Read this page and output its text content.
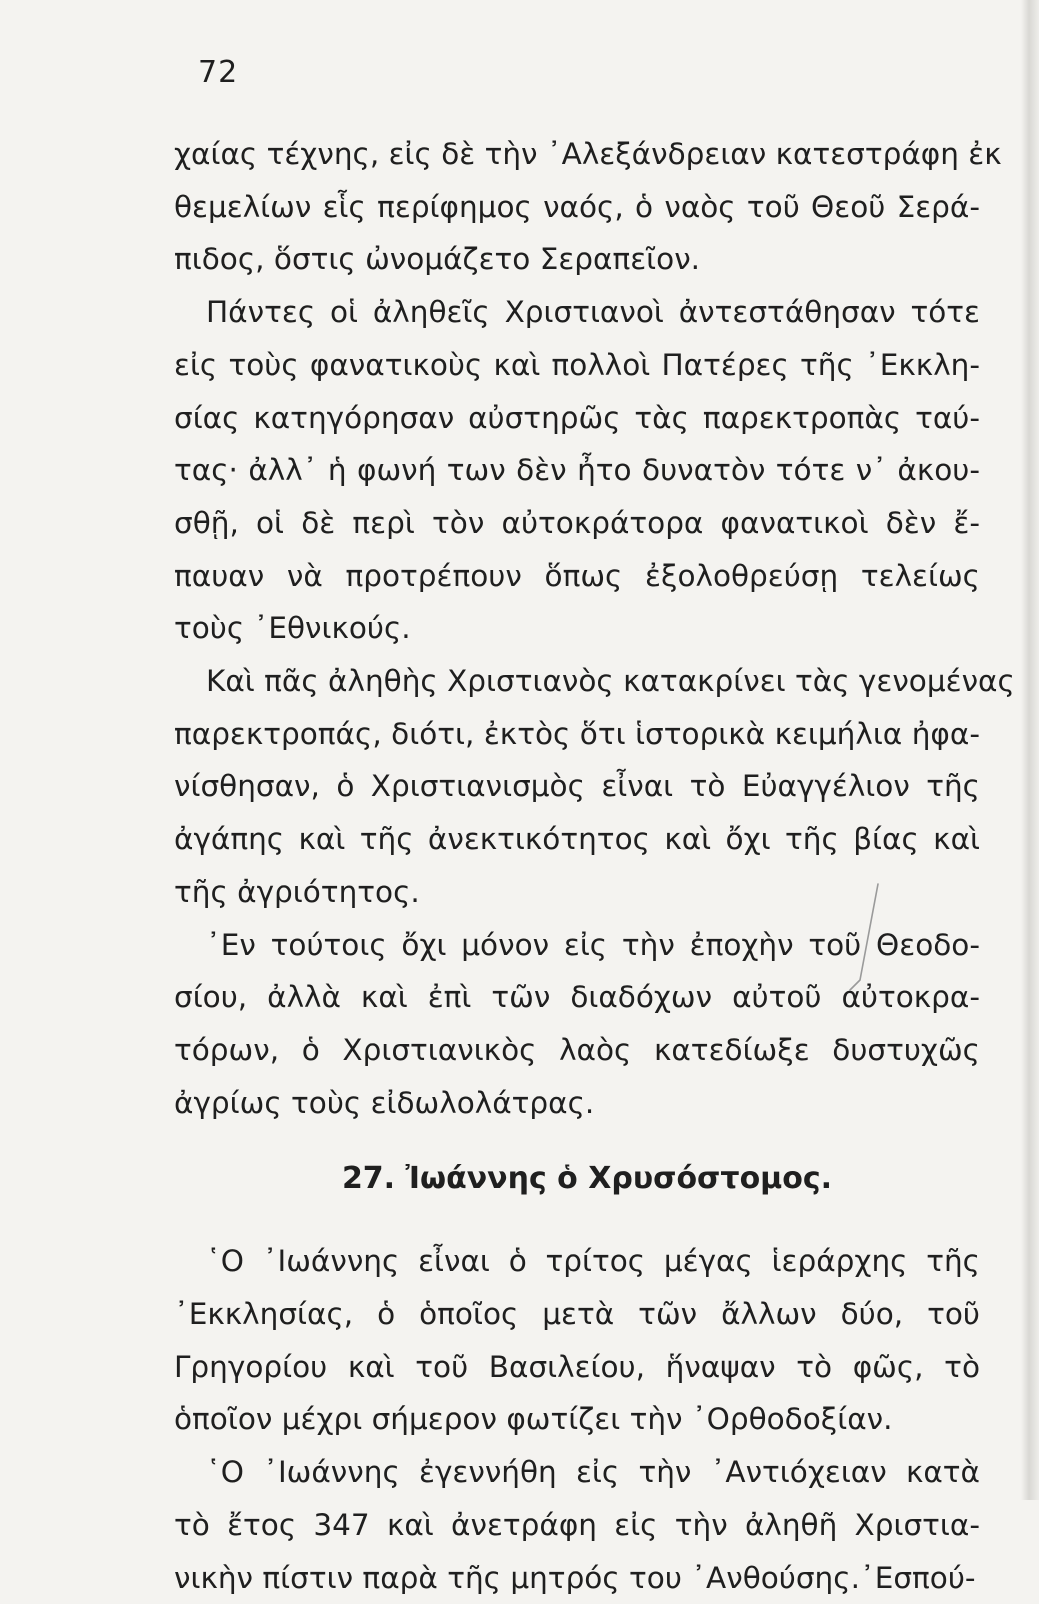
72

χαίας τέχνης, εἰς δὲ τὴν ᾿Αλεξάνδρειαν κατεστράφη ἐκ
θεμελίων εἷς περίφημος ναός, ὁ ναὸς τοῦ Θεοῦ Σερά-
πιδος, ὅστις ὠνομάζετο Σεραπεῖον.

Πάντες οἱ ἀληθεῖς Χριστιανοὶ ἀντεστάθησαν τότε
εἰς τοὺς φανατικοὺς καὶ πολλοὶ Πατέρες τῆς ᾿Εκκλη-
σίας κατηγόρησαν αὐστηρῶς τὰς παρεκτροπὰς ταύ-
τας· ἀλλ᾿ ἡ φωνή των δὲν ἦτο δυνατὸν τότε ν᾿ ἀκου-
σθῇ, οἱ δὲ περὶ τὸν αὐτοκράτορα φανατικοὶ δὲν ἔ-
παυαν νὰ προτρέπουν ὅπως ἐξολοθρεύσῃ τελείως
τοὺς ᾿Εθνικούς.

Καὶ πᾶς ἀληθὴς Χριστιανὸς κατακρίνει τὰς γενομένας
παρεκτροπάς, διότι, ἐκτὸς ὅτι ἱστορικὰ κειμήλια ἠφα-
νίσθησαν, ὁ Χριστιανισμὸς εἶναι τὸ Εὐαγγέλιον τῆς
ἀγάπης καὶ τῆς ἀνεκτικότητος καὶ ὄχι τῆς βίας καὶ
τῆς ἀγριότητος.

᾿Εν τούτοις ὄχι μόνον εἰς τὴν ἐποχὴν τοῦ Θεοδο-
σίου, ἀλλὰ καὶ ἐπὶ τῶν διαδόχων αὐτοῦ αὐτοκρα-
τόρων, ὁ Χριστιανικὸς λαὸς κατεδίωξε δυστυχῶς
ἀγρίως τοὺς εἰδωλολάτρας.

27. Ἰωάννης ὁ Χρυσόστομος.

῾Ο ᾿Ιωάννης εἶναι ὁ τρίτος μέγας ἱεράρχης τῆς
᾿Εκκλησίας, ὁ ὁποῖος μετὰ τῶν ἄλλων δύο, τοῦ
Γρηγορίου καὶ τοῦ Βασιλείου, ἥναψαν τὸ φῶς, τὸ
ὁποῖον μέχρι σήμερον φωτίζει τὴν ᾿Ορθοδοξίαν.

῾Ο ᾿Ιωάννης ἐγεννήθη εἰς τὴν ᾿Αντιόχειαν κατὰ
τὸ ἔτος 347 καὶ ἀνετράφη εἰς τὴν ἀληθῆ Χριστια-
νικὴν πίστιν παρὰ τῆς μητρός του ᾿Ανθούσης.᾿Εσπού-
